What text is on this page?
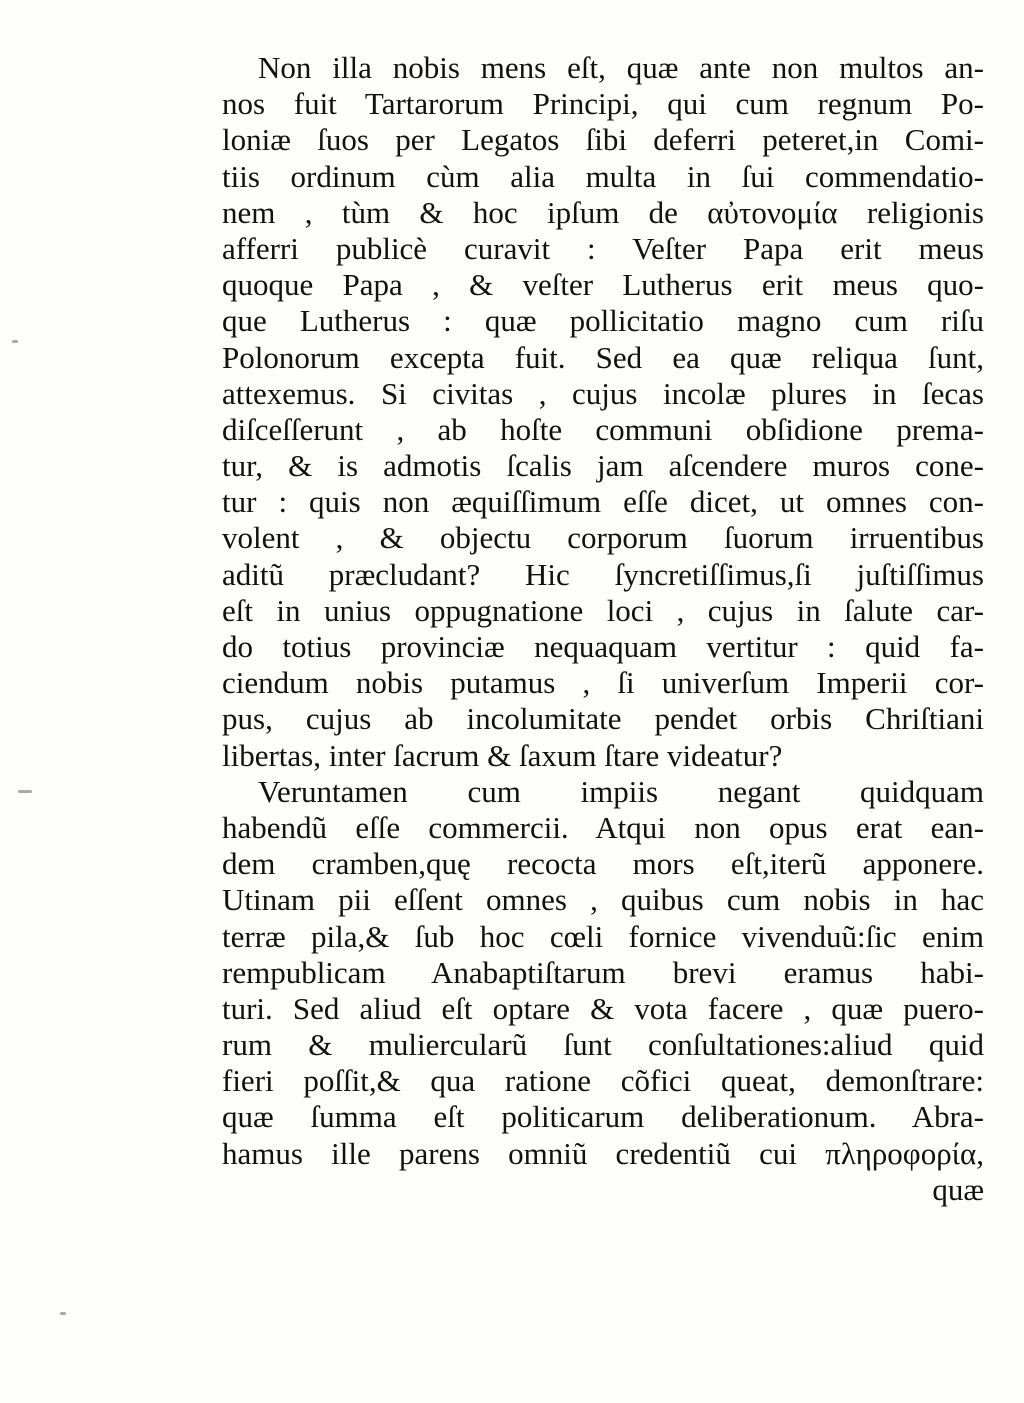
Non illa nobis mens eſt, quæ ante non multos an-
nos fuit Tartarorum Principi, qui cum regnum Po-
loniæ ſuos per Legatos ſibi deferri peteret,in Comi-
tiis ordinum cùm alia multa in ſui commendatio-
nem , tùm & hoc ipſum de αὐτονομία religionis
afferri publicè curavit : Veſter Papa erit meus
quoque Papa , & veſter Lutherus erit meus quo-
que Lutherus : quæ pollicitatio magno cum riſu
Polonorum excepta fuit. Sed ea quæ reliqua ſunt,
attexemus. Si civitas , cujus incolæ plures in ſecas
diſceſſerunt , ab hoſte communi obſidione prema-
tur, & is admotis ſcalis jam aſcendere muros cone-
tur : quis non æquiſſimum eſſe dicet, ut omnes con-
volent , & objectu corporum ſuorum irruentibus
aditũ præcludant? Hic ſyncretiſſimus,ſi juſtiſſimus
eſt in unius oppugnatione loci , cujus in ſalute car-
do totius provinciæ nequaquam vertitur : quid fa-
ciendum nobis putamus , ſi univerſum Imperii cor-
pus, cujus ab incolumitate pendet orbis Chriſtiani
libertas, inter ſacrum & ſaxum ſtare videatur?
Veruntamen cum impiis negant quidquam
habendũ eſſe commercii. Atqui non opus erat ean-
dem cramben,quę recocta mors eſt,iterũ apponere.
Utinam pii eſſent omnes , quibus cum nobis in hac
terræ pila,& ſub hoc cœli fornice vivenduũ:ſic enim
rempublicam Anabaptiſtarum brevi eramus habi-
turi. Sed aliud eſt optare & vota facere , quæ puero-
rum & muliercularũ ſunt conſultationes:aliud quid
fieri poſſit,& qua ratione cõfici queat, demonſtrare:
quæ ſumma eſt politicarum deliberationum. Abra-
hamus ille parens omniũ credentiũ cui πληροφορία,
quæ
